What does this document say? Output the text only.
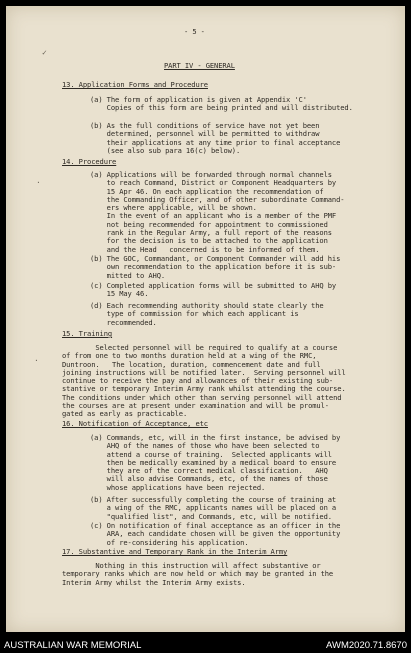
✓
·
·
- 5 -
PART IV - GENERAL
13. Application Forms and Procedure
(a) The form of application is given at Appendix 'C'
Copies of this form are being printed and will distributed.
(b) As the full conditions of service have not yet been
determined, personnel will be permitted to withdraw
their applications at any time prior to final acceptance
(see also sub para 16(c) below).
14. Procedure
(a) Applications will be forwarded through normal channels
to reach Command, District or Component Headquarters by
15 Apr 46. On each application the recommendation of
the Commanding Officer, and of other subordinate Command-
ers where applicable, will be shown.
In the event of an applicant who is a member of the PMF
not being recommended for appointment to commissioned
rank in the Regular Army, a full report of the reasons
for the decision is to be attached to the application
and the Head   concerned is to be informed of them.
(b) The GOC, Commandant, or Component Commander will add his
own recommendation to the application before it is sub-
mitted to AHQ.
(c) Completed application forms will be submitted to AHQ by
15 May 46.
(d) Each recommending authority should state clearly the
type of commission for which each applicant is
recommended.
15. Training
Selected personnel will be required to qualify at a course
of from one to two months duration held at a wing of the RMC,
Duntroon.   The location, duration, commencement date and full
joining instructions will be notified later.  Serving personnel will
continue to receive the pay and allowances of their existing sub-
stantive or temporary Interim Army rank whilst attending the course.
The conditions under which other than serving personnel will attend
the courses are at present under examination and will be promul-
gated as early as practicable.
16. Notification of Acceptance, etc
(a) Commands, etc, will in the first instance, be advised by
AHQ of the names of those who have been selected to
attend a course of training.  Selected applicants will
then be medically examined by a medical board to ensure
they are of the correct medical classification.   AHQ
will also advise Commands, etc, of the names of those
whose applications have been rejected.
(b) After successfully completing the course of training at
a wing of the RMC, applicants names will be placed on a
"qualified list", and Commands, etc, will be notified.
(c) On notification of final acceptance as an officer in the
ARA, each candidate chosen will be given the opportunity
of re-considering his application.
17. Substantive and Temporary Rank in the Interim Army
Nothing in this instruction will affect substantive or
temporary ranks which are now held or which may be granted in the
Interim Army whilst the Interim Army exists.
AUSTRALIAN WAR MEMORIAL	AWM2020.71.8670
